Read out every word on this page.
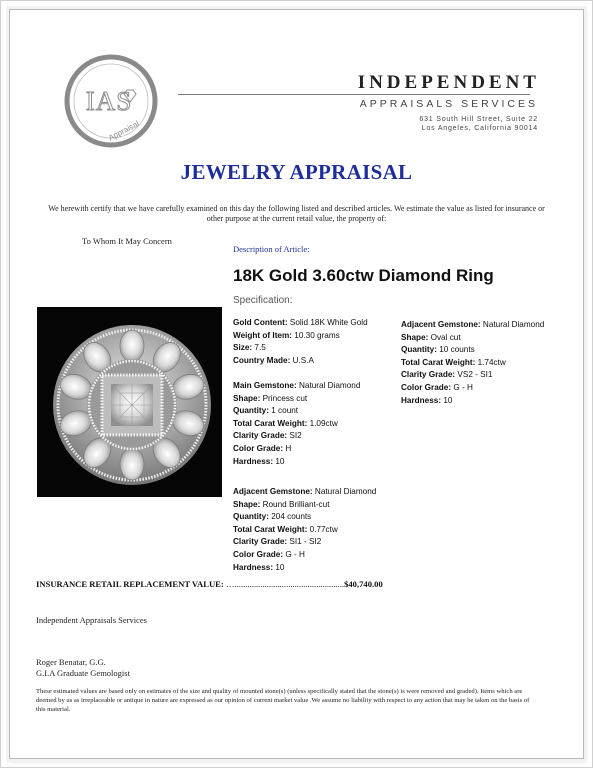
IAS
Appraisal
INDEPENDENT
APPRAISALS SERVICES
631 South Hill Street, Suite 22
Los Angeles, California 90014
JEWELRY APPRAISAL
We herewith certify that we have carefully examined on this day the following listed and described articles. We estimate the value as listed for insurance or other purpose at the current retail value, the property of:
To Whom It May Concern
Description of Article:
18K Gold 3.60ctw Diamond Ring
Specification:
Gold Content: Solid 18K White Gold
Weight of Item: 10.30 grams
Size: 7.5
Country Made: U.S.A
Main Gemstone: Natural Diamond
Shape: Princess cut
Quantity: 1 count
Total Carat Weight: 1.09ctw
Clarity Grade: SI2
Color Grade: H
Hardness: 10
Adjacent Gemstone: Natural Diamond
Shape: Round Brilliant-cut
Quantity: 204 counts
Total Carat Weight: 0.77ctw
Clarity Grade: SI1 - SI2
Color Grade: G - H
Hardness: 10
Adjacent Gemstone: Natural Diamond
Shape: Oval cut
Quantity: 10 counts
Total Carat Weight: 1.74ctw
Clarity Grade: VS2 - SI1
Color Grade: G - H
Hardness: 10
INSURANCE RETAIL REPLACEMENT VALUE: …...................................................$40,740.00
Independent Appraisals Services
Roger Benatar, G.G.
G.I.A Graduate Gemologist
These estimated values are based only on estimates of the size and quality of mounted stone(s) (unless specifically stated that the stone(s) is were removed and graded). Items which are deemed by us as irreplaceable or antique in nature are expressed as our opinion of current market value .We assume no liability with respect to any action that may be taken on the basis of this material.
